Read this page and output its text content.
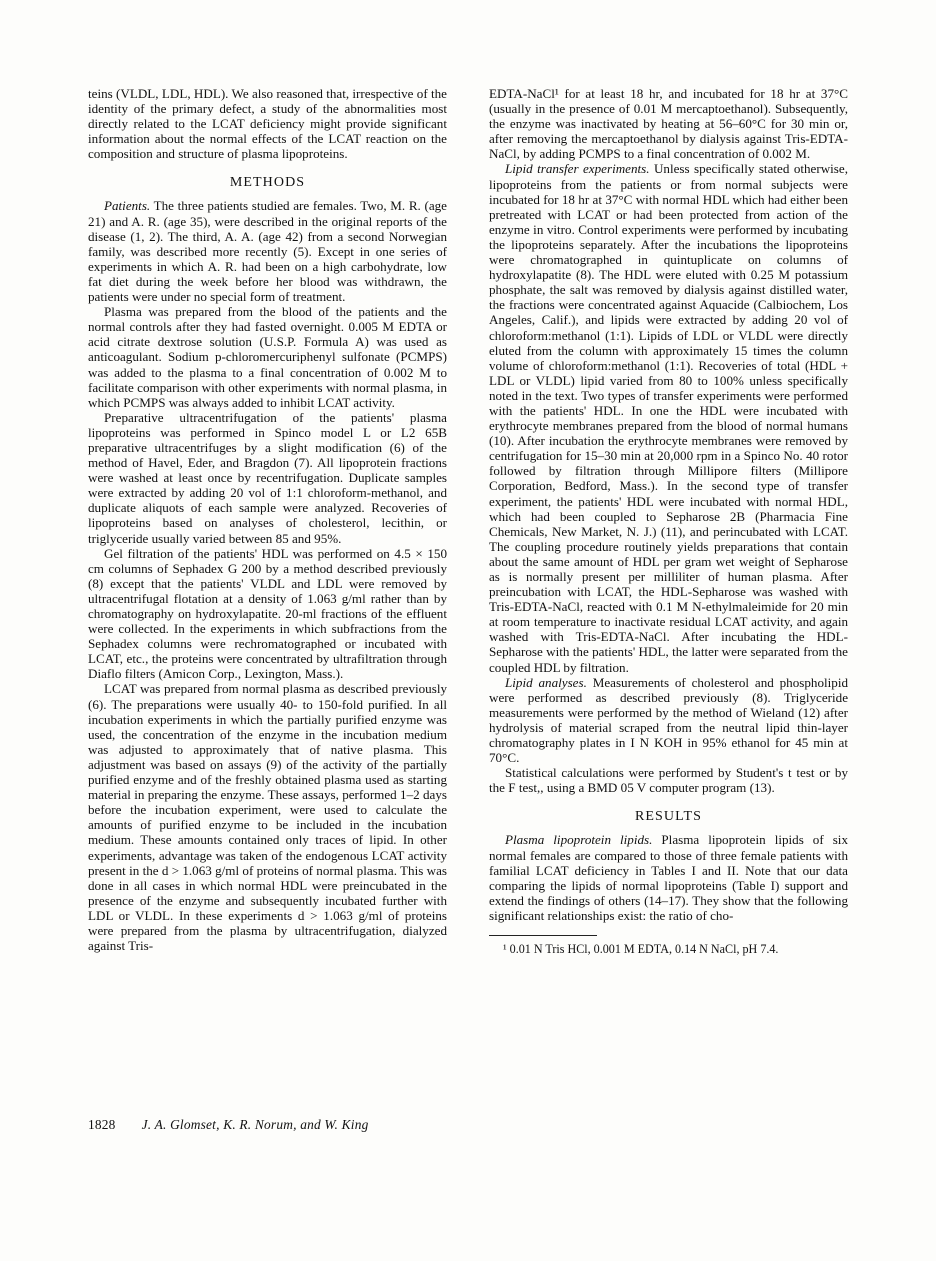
teins (VLDL, LDL, HDL). We also reasoned that, irrespective of the identity of the primary defect, a study of the abnormalities most directly related to the LCAT deficiency might provide significant information about the normal effects of the LCAT reaction on the composition and structure of plasma lipoproteins.

METHODS

Patients. The three patients studied are females. Two, M. R. (age 21) and A. R. (age 35), were described in the original reports of the disease (1, 2). The third, A. A. (age 42) from a second Norwegian family, was described more recently (5). Except in one series of experiments in which A. R. had been on a high carbohydrate, low fat diet during the week before her blood was withdrawn, the patients were under no special form of treatment.

Plasma was prepared from the blood of the patients and the normal controls after they had fasted overnight. 0.005 M EDTA or acid citrate dextrose solution (U.S.P. Formula A) was used as anticoagulant. Sodium p-chloromercuriphenyl sulfonate (PCMPS) was added to the plasma to a final concentration of 0.002 M to facilitate comparison with other experiments with normal plasma, in which PCMPS was always added to inhibit LCAT activity.

Preparative ultracentrifugation of the patients' plasma lipoproteins was performed in Spinco model L or L2 65B preparative ultracentrifuges by a slight modification (6) of the method of Havel, Eder, and Bragdon (7). All lipoprotein fractions were washed at least once by recentrifugation. Duplicate samples were extracted by adding 20 vol of 1:1 chloroform-methanol, and duplicate aliquots of each sample were analyzed. Recoveries of lipoproteins based on analyses of cholesterol, lecithin, or triglyceride usually varied between 85 and 95%.

Gel filtration of the patients' HDL was performed on 4.5 × 150 cm columns of Sephadex G 200 by a method described previously (8) except that the patients' VLDL and LDL were removed by ultracentrifugal flotation at a density of 1.063 g/ml rather than by chromatography on hydroxylapatite. 20-ml fractions of the effluent were collected. In the experiments in which subfractions from the Sephadex columns were rechromatographed or incubated with LCAT, etc., the proteins were concentrated by ultrafiltration through Diaflo filters (Amicon Corp., Lexington, Mass.).

LCAT was prepared from normal plasma as described previously (6). The preparations were usually 40- to 150-fold purified. In all incubation experiments in which the partially purified enzyme was used, the concentration of the enzyme in the incubation medium was adjusted to approximately that of native plasma. This adjustment was based on assays (9) of the activity of the partially purified enzyme and of the freshly obtained plasma used as starting material in preparing the enzyme. These assays, performed 1–2 days before the incubation experiment, were used to calculate the amounts of purified enzyme to be included in the incubation medium. These amounts contained only traces of lipid. In other experiments, advantage was taken of the endogenous LCAT activity present in the d > 1.063 g/ml of proteins of normal plasma. This was done in all cases in which normal HDL were preincubated in the presence of the enzyme and subsequently incubated further with LDL or VLDL. In these experiments d > 1.063 g/ml of proteins were prepared from the plasma by ultracentrifugation, dialyzed against Tris-

EDTA-NaCl¹ for at least 18 hr, and incubated for 18 hr at 37°C (usually in the presence of 0.01 M mercaptoethanol). Subsequently, the enzyme was inactivated by heating at 56–60°C for 30 min or, after removing the mercaptoethanol by dialysis against Tris-EDTA-NaCl, by adding PCMPS to a final concentration of 0.002 M.

Lipid transfer experiments. Unless specifically stated otherwise, lipoproteins from the patients or from normal subjects were incubated for 18 hr at 37°C with normal HDL which had either been pretreated with LCAT or had been protected from action of the enzyme in vitro. Control experiments were performed by incubating the lipoproteins separately. After the incubations the lipoproteins were chromatographed in quintuplicate on columns of hydroxylapatite (8). The HDL were eluted with 0.25 M potassium phosphate, the salt was removed by dialysis against distilled water, the fractions were concentrated against Aquacide (Calbiochem, Los Angeles, Calif.), and lipids were extracted by adding 20 vol of chloroform:methanol (1:1). Lipids of LDL or VLDL were directly eluted from the column with approximately 15 times the column volume of chloroform:methanol (1:1). Recoveries of total (HDL + LDL or VLDL) lipid varied from 80 to 100% unless specifically noted in the text. Two types of transfer experiments were performed with the patients' HDL. In one the HDL were incubated with erythrocyte membranes prepared from the blood of normal humans (10). After incubation the erythrocyte membranes were removed by centrifugation for 15–30 min at 20,000 rpm in a Spinco No. 40 rotor followed by filtration through Millipore filters (Millipore Corporation, Bedford, Mass.). In the second type of transfer experiment, the patients' HDL were incubated with normal HDL, which had been coupled to Sepharose 2B (Pharmacia Fine Chemicals, New Market, N. J.) (11), and perincubated with LCAT. The coupling procedure routinely yields preparations that contain about the same amount of HDL per gram wet weight of Sepharose as is normally present per milliliter of human plasma. After preincubation with LCAT, the HDL-Sepharose was washed with Tris-EDTA-NaCl, reacted with 0.1 M N-ethylmaleimide for 20 min at room temperature to inactivate residual LCAT activity, and again washed with Tris-EDTA-NaCl. After incubating the HDL-Sepharose with the patients' HDL, the latter were separated from the coupled HDL by filtration.

Lipid analyses. Measurements of cholesterol and phospholipid were performed as described previously (8). Triglyceride measurements were performed by the method of Wieland (12) after hydrolysis of material scraped from the neutral lipid thin-layer chromatography plates in I N KOH in 95% ethanol for 45 min at 70°C.

Statistical calculations were performed by Student's t test or by the F test,, using a BMD 05 V computer program (13).

RESULTS

Plasma lipoprotein lipids. Plasma lipoprotein lipids of six normal females are compared to those of three female patients with familial LCAT deficiency in Tables I and II. Note that our data comparing the lipids of normal lipoproteins (Table I) support and extend the findings of others (14–17). They show that the following significant relationships exist: the ratio of cho-

¹ 0.01 N Tris HCl, 0.001 M EDTA, 0.14 N NaCl, pH 7.4.

1828 J. A. Glomset, K. R. Norum, and W. King
